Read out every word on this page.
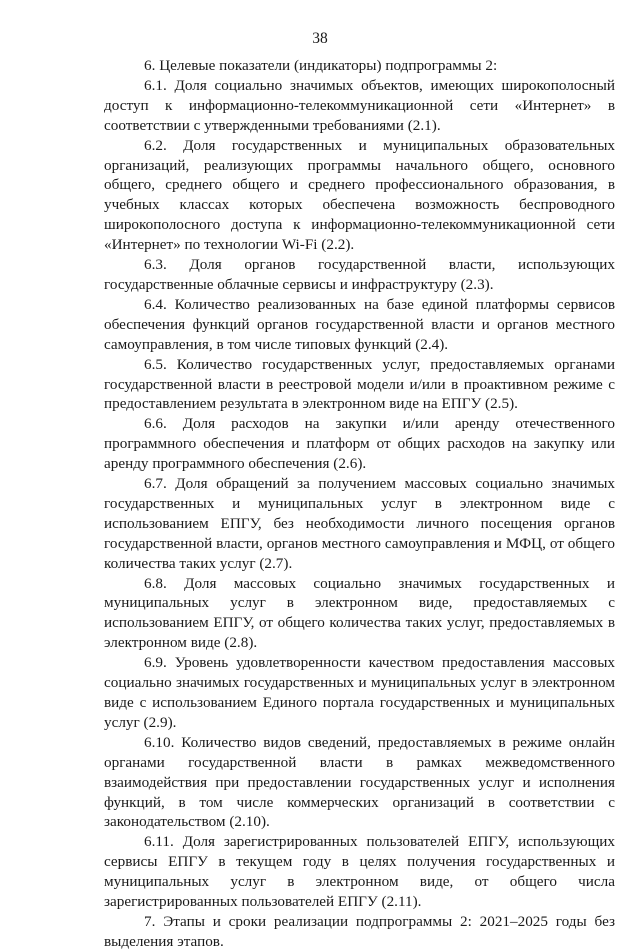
38

6. Целевые показатели (индикаторы) подпрограммы 2:

6.1. Доля социально значимых объектов, имеющих широкополосный доступ к информационно-телекоммуникационной сети «Интернет» в соответствии с утвержденными требованиями (2.1).

6.2. Доля государственных и муниципальных образовательных организаций, реализующих программы начального общего, основного общего, среднего общего и среднего профессионального образования, в учебных классах которых обеспечена возможность беспроводного широкополосного доступа к информационно-телекоммуникационной сети «Интернет» по технологии Wi-Fi (2.2).

6.3. Доля органов государственной власти, использующих государственные облачные сервисы и инфраструктуру (2.3).

6.4. Количество реализованных на базе единой платформы сервисов обеспечения функций органов государственной власти и органов местного самоуправления, в том числе типовых функций (2.4).

6.5. Количество государственных услуг, предоставляемых органами государственной власти в реестровой модели и/или в проактивном режиме с предоставлением результата в электронном виде на ЕПГУ (2.5).

6.6. Доля расходов на закупки и/или аренду отечественного программного обеспечения и платформ от общих расходов на закупку или аренду программного обеспечения (2.6).

6.7. Доля обращений за получением массовых социально значимых государственных и муниципальных услуг в электронном виде с использованием ЕПГУ, без необходимости личного посещения органов государственной власти, органов местного самоуправления и МФЦ, от общего количества таких услуг (2.7).

6.8. Доля массовых социально значимых государственных и муниципальных услуг в электронном виде, предоставляемых с использованием ЕПГУ, от общего количества таких услуг, предоставляемых в электронном виде (2.8).

6.9. Уровень удовлетворенности качеством предоставления массовых социально значимых государственных и муниципальных услуг в электронном виде с использованием Единого портала государственных и муниципальных услуг (2.9).

6.10. Количество видов сведений, предоставляемых в режиме онлайн органами государственной власти в рамках межведомственного взаимодействия при предоставлении государственных услуг и исполнения функций, в том числе коммерческих организаций в соответствии с законодательством (2.10).

6.11. Доля зарегистрированных пользователей ЕПГУ, использующих сервисы ЕПГУ в текущем году в целях получения государственных и муниципальных услуг в электронном виде, от общего числа зарегистрированных пользователей ЕПГУ (2.11).

7. Этапы и сроки реализации подпрограммы 2: 2021–2025 годы без выделения этапов.
